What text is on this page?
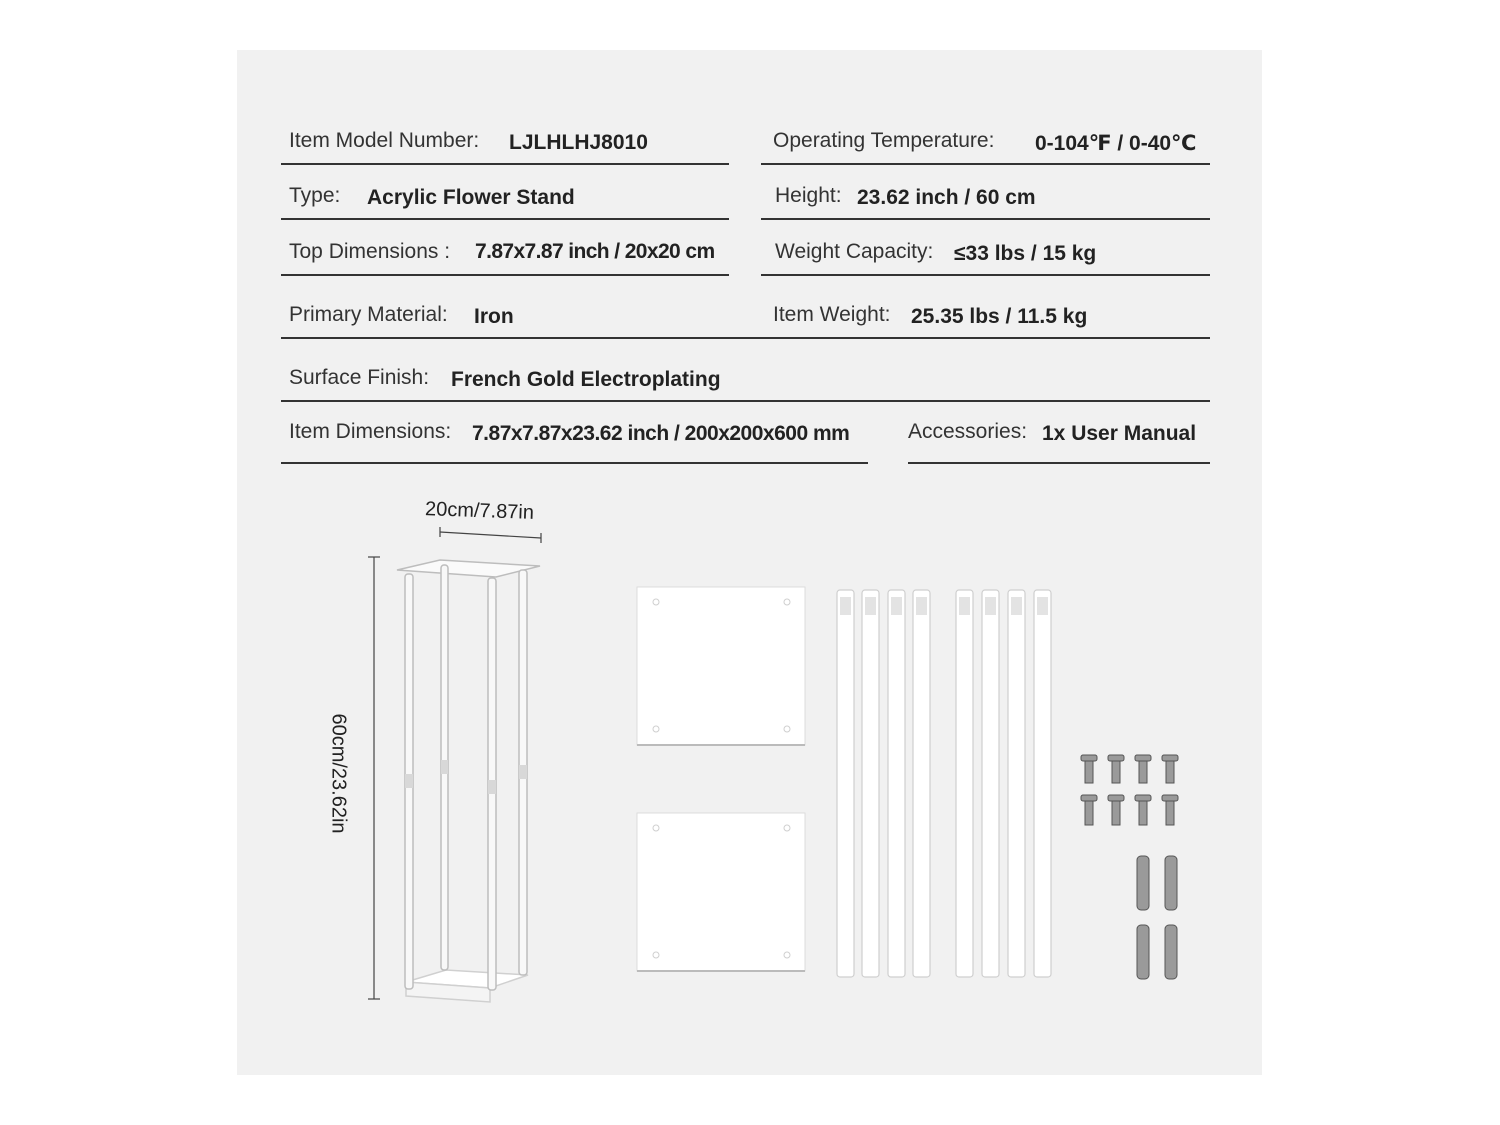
Item Model Number: LJLHLHJ8010	Operating Temperature: 0-104℉ / 0-40℃
Type: Acrylic Flower Stand	Height: 23.62 inch / 60 cm
Top Dimensions : 7.87x7.87 inch / 20x20 cm	Weight Capacity: ≤33 lbs / 15 kg
Primary Material: Iron	Item Weight: 25.35 lbs / 11.5 kg
Surface Finish: French Gold Electroplating
Item Dimensions: 7.87x7.87x23.62 inch / 200x200x600 mm	Accessories: 1x User Manual
20cm/7.87in
60cm/23.62in
